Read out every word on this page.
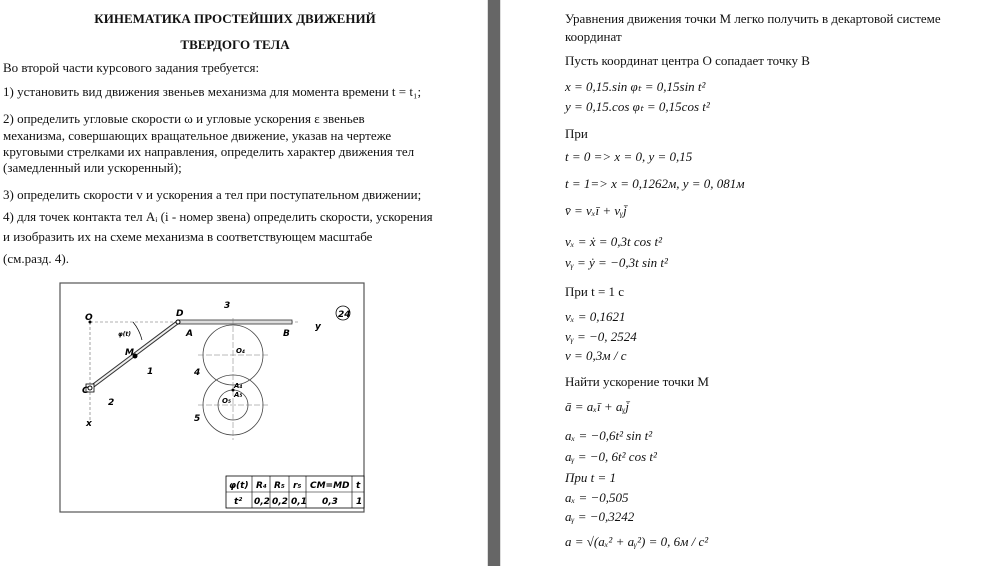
КИНЕМАТИКА ПРОСТЕЙШИХ ДВИЖЕНИЙ
ТВЕРДОГО ТЕЛА
Во второй части курсового задания требуется:
1) установить вид движения звеньев механизма для момента времени t = t₁;
2) определить угловые скорости ω и угловые ускорения ε звеньев
механизма, совершающих вращательное движение, указав на чертеже
круговыми стрелками их направления, определить характер движения тел
(замедленный или ускоренный);
3) определить скорости v и ускорения a тел при поступательном движении;
4) для точек контакта тел Aᵢ (i - номер звена) определить скорости, ускорения
и изобразить их на схеме механизма в соответствующем масштабе
(см.разд. 4).
24
O	D
A	B
C
M
φ(t)
y
x
O₄
O₅
A₄
A₅
1
2
3
4
5
φ(t) R₄ R₅ r₅ CM=MD t
t² 0,2 0,2 0,1 0,3 1
Уравнения движения точки М легко получить в декартовой системе
координат
Пусть координат центра О сопадает точку В
x = 0,15.sin φₜ = 0,15sin t²
y = 0,15.cos φₜ = 0,15cos t²
При
t = 0 => x = 0, y = 0,15
t = 1=> x = 0,1262м, y = 0, 081м
v̄ = vₓī + vᵧj̄
vₓ = ẋ = 0,3t cos t²
vᵧ = ẏ = −0,3t sin t²
При t = 1 c
vₓ = 0,1621
vᵧ = −0, 2524
v = 0,3м / c
Найти ускорение точки М
ā = aₓī + aᵧj̄
aₓ = −0,6t² sin t²
aᵧ = −0, 6t² cos t²
При t = 1
aₓ = −0,505
aᵧ = −0,3242
a = √(aₓ² + aᵧ²) = 0, 6м / c²
